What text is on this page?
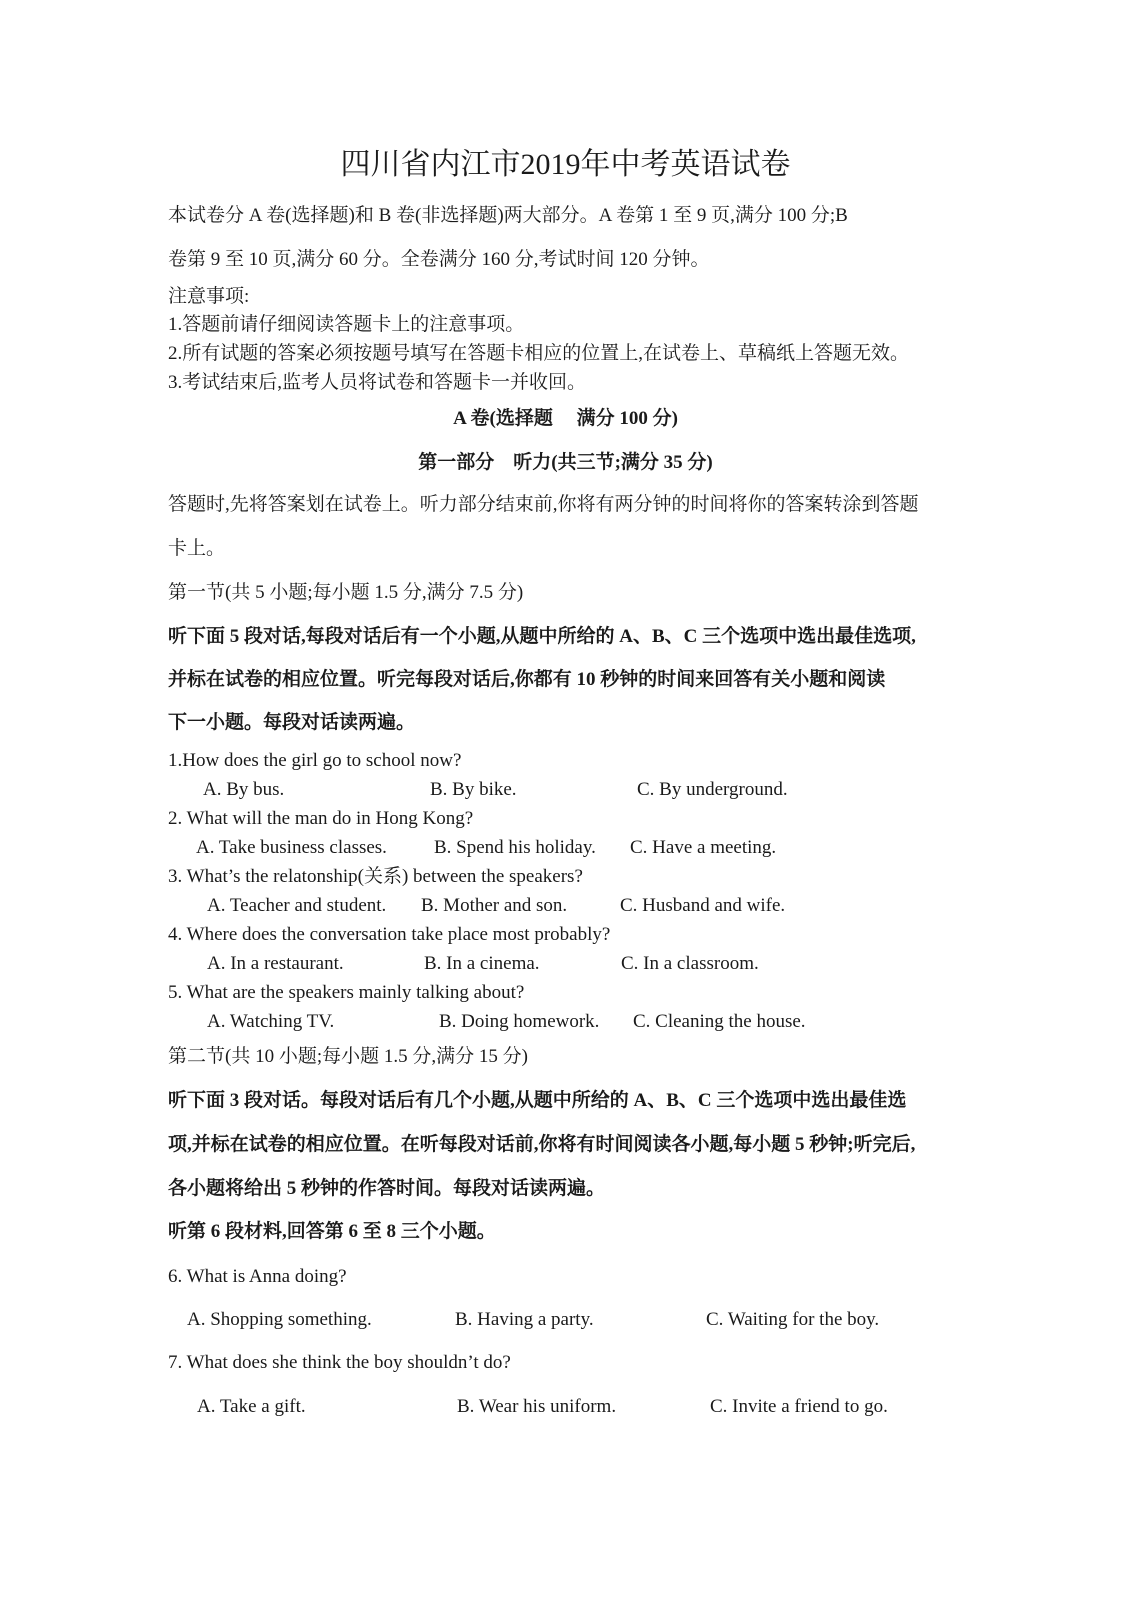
四川省内江市2019年中考英语试卷
本试卷分 A 卷(选择题)和 B 卷(非选择题)两大部分。A 卷第 1 至 9 页,满分 100 分;B
卷第 9 至 10 页,满分 60 分。全卷满分 160 分,考试时间 120 分钟。
注意事项:
1.答题前请仔细阅读答题卡上的注意事项。
2.所有试题的答案必须按题号填写在答题卡相应的位置上,在试卷上、草稿纸上答题无效。
3.考试结束后,监考人员将试卷和答题卡一并收回。
A 卷(选择题　 满分 100 分)
第一部分　听力(共三节;满分 35 分)
答题时,先将答案划在试卷上。听力部分结束前,你将有两分钟的时间将你的答案转涂到答题
卡上。
第一节(共 5 小题;每小题 1.5 分,满分 7.5 分)
听下面 5 段对话,每段对话后有一个小题,从题中所给的 A、B、C 三个选项中选出最佳选项,
并标在试卷的相应位置。听完每段对话后,你都有 10 秒钟的时间来回答有关小题和阅读
下一小题。每段对话读两遍。
1.How does the girl go to school now?
A. By bus.	B. By bike.	C. By underground.
2. What will the man do in Hong Kong?
A. Take business classes. B. Spend his holiday. C. Have a meeting.
3. What’s the relatonship(关系) between the speakers?
A. Teacher and student. B. Mother and son.	C. Husband and wife.
4. Where does the conversation take place most probably?
A. In a restaurant.	B. In a cinema.	C. In a classroom.
5. What are the speakers mainly talking about?
A. Watching TV.	B. Doing homework. C. Cleaning the house.
第二节(共 10 小题;每小题 1.5 分,满分 15 分)
听下面 3 段对话。每段对话后有几个小题,从题中所给的 A、B、C 三个选项中选出最佳选
项,并标在试卷的相应位置。在听每段对话前,你将有时间阅读各小题,每小题 5 秒钟;听完后,
各小题将给出 5 秒钟的作答时间。每段对话读两遍。
听第 6 段材料,回答第 6 至 8 三个小题。
6. What is Anna doing?
A. Shopping something.	B. Having a party.	C. Waiting for the boy.
7. What does she think the boy shouldn’t do?
A. Take a gift.	B. Wear his uniform.	C. Invite a friend to go.
